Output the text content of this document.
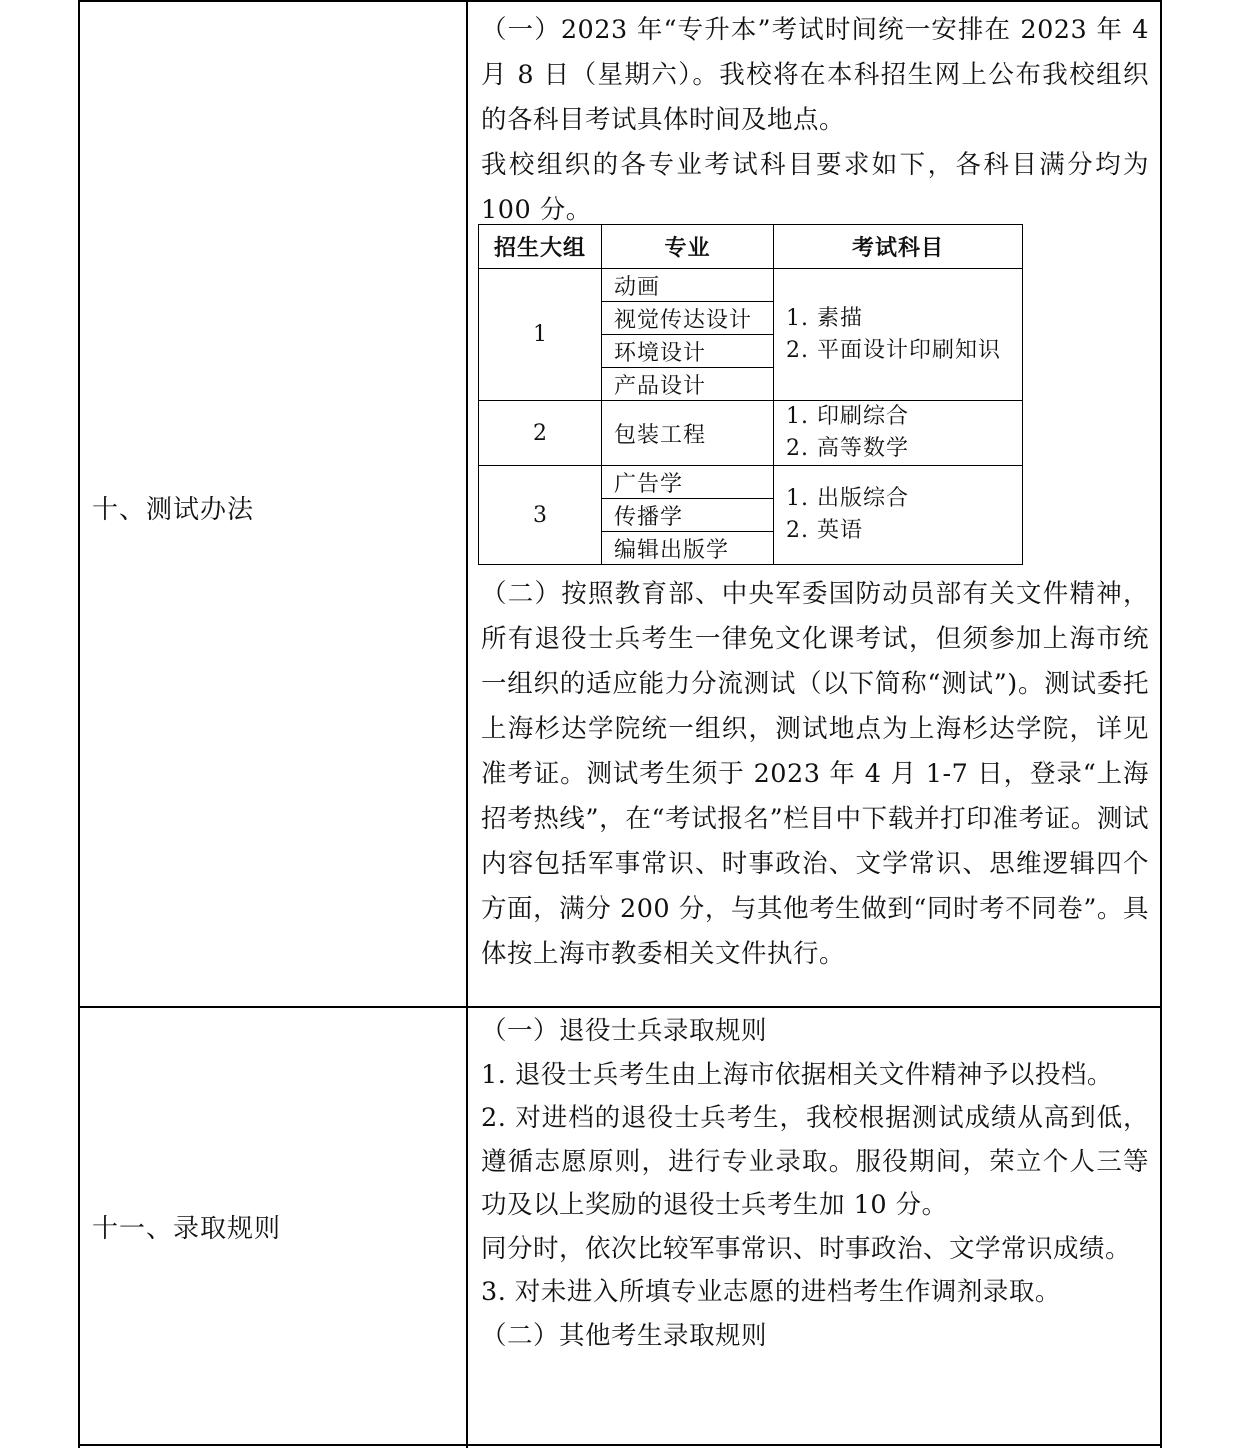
十、测试办法

（一）2023 年“专升本”考试时间统一安排在 2023 年 4 月 8 日（星期六）。我校将在本科招生网上公布我校组织的各科目考试具体时间及地点。

我校组织的各专业考试科目要求如下，各科目满分均为 100 分。

招生大组	专业	考试科目
1	动画	1. 素描
2. 平面设计印刷知识

	视觉传达设计	
	环境设计	
	产品设计	
2	包装工程	1. 印刷综合
2. 高等数学

3	广告学	1. 出版综合
2. 英语

	传播学	
	编辑出版学	

（二）按照教育部、中央军委国防动员部有关文件精神，所有退役士兵考生一律免文化课考试，但须参加上海市统一组织的适应能力分流测试（以下简称“测试”)。测试委托上海杉达学院统一组织，测试地点为上海杉达学院，详见准考证。测试考生须于 2023 年 4 月 1-7 日，登录“上海招考热线”，在“考试报名”栏目中下载并打印准考证。测试内容包括军事常识、时事政治、文学常识、思维逻辑四个方面，满分 200 分，与其他考生做到“同时考不同卷”。具体按上海市教委相关文件执行。

十一、录取规则

（一）退役士兵录取规则

1. 退役士兵考生由上海市依据相关文件精神予以投档。

2. 对进档的退役士兵考生，我校根据测试成绩从高到低，遵循志愿原则，进行专业录取。服役期间，荣立个人三等功及以上奖励的退役士兵考生加 10 分。

同分时，依次比较军事常识、时事政治、文学常识成绩。

3. 对未进入所填专业志愿的进档考生作调剂录取。

（二）其他考生录取规则
